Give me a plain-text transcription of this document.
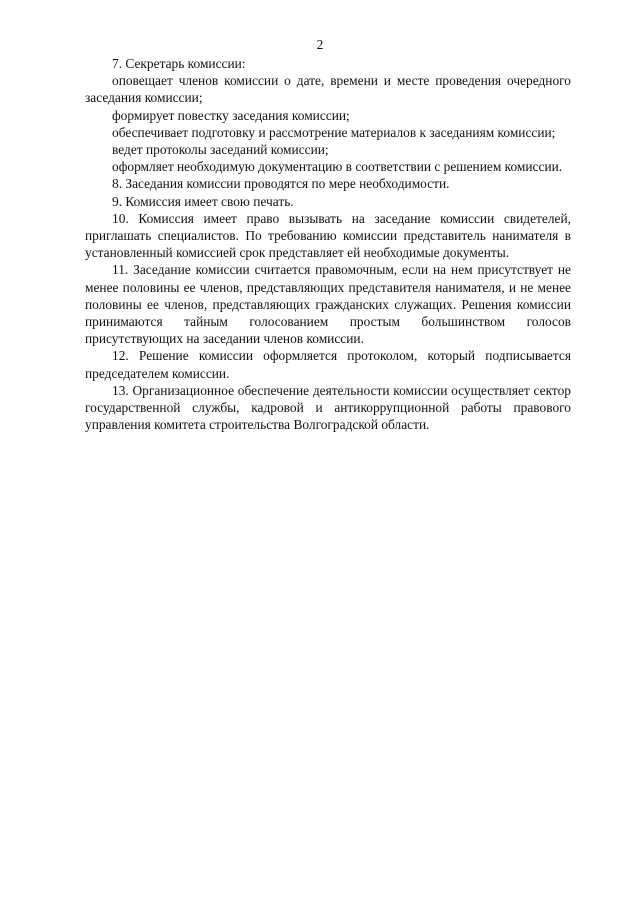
2

7. Секретарь комиссии:

оповещает членов комиссии о дате, времени и месте проведения очередного заседания комиссии;

формирует повестку заседания комиссии;

обеспечивает подготовку и рассмотрение материалов к заседаниям комиссии;

ведет протоколы заседаний комиссии;

оформляет необходимую документацию в соответствии с решением комиссии.

8. Заседания комиссии проводятся по мере необходимости.

9. Комиссия имеет свою печать.

10. Комиссия имеет право вызывать на заседание комиссии свидетелей, приглашать специалистов. По требованию комиссии представитель нанимателя в установленный комиссией срок представляет ей необходимые документы.

11. Заседание комиссии считается правомочным, если на нем присутствует не менее половины ее членов, представляющих представителя нанимателя, и не менее половины ее членов, представляющих гражданских служащих. Решения комиссии принимаются тайным голосованием простым большинством голосов присутствующих на заседании членов комиссии.

12. Решение комиссии оформляется протоколом, который подписывается председателем комиссии.

13. Организационное обеспечение деятельности комиссии осуществляет сектор государственной службы, кадровой и антикоррупционной работы правового управления комитета строительства Волгоградской области.
